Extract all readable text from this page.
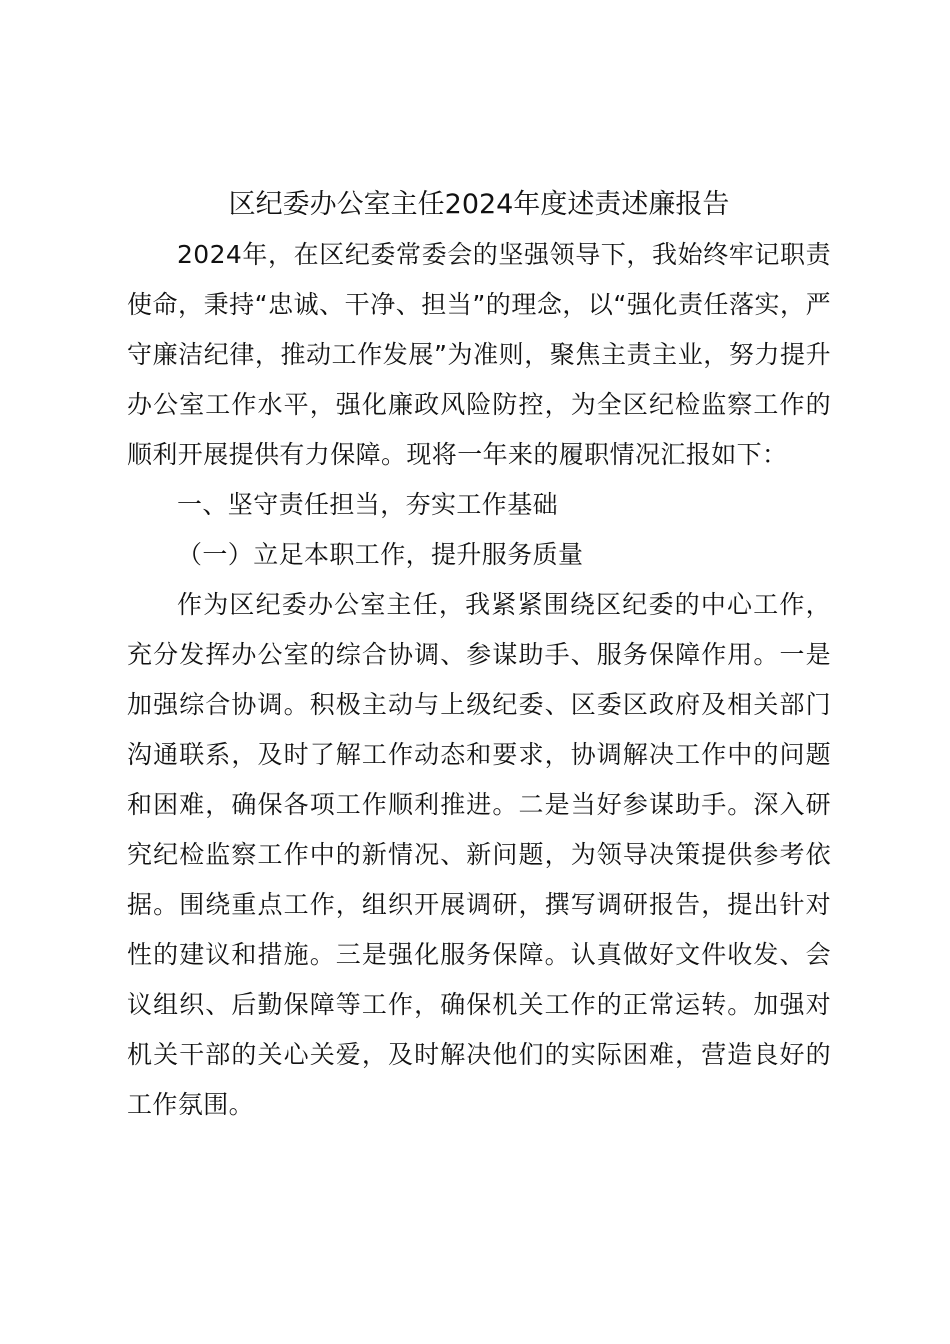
区纪委办公室主任2024年度述责述廉报告

2024年，在区纪委常委会的坚强领导下，我始终牢记职责使命，秉持“忠诚、干净、担当”的理念，以“强化责任落实，严守廉洁纪律，推动工作发展”为准则，聚焦主责主业，努力提升办公室工作水平，强化廉政风险防控，为全区纪检监察工作的顺利开展提供有力保障。现将一年来的履职情况汇报如下：

一、坚守责任担当，夯实工作基础

（一）立足本职工作，提升服务质量

作为区纪委办公室主任，我紧紧围绕区纪委的中心工作，充分发挥办公室的综合协调、参谋助手、服务保障作用。一是加强综合协调。积极主动与上级纪委、区委区政府及相关部门沟通联系，及时了解工作动态和要求，协调解决工作中的问题和困难，确保各项工作顺利推进。二是当好参谋助手。深入研究纪检监察工作中的新情况、新问题，为领导决策提供参考依据。围绕重点工作，组织开展调研，撰写调研报告，提出针对性的建议和措施。三是强化服务保障。认真做好文件收发、会议组织、后勤保障等工作，确保机关工作的正常运转。加强对机关干部的关心关爱，及时解决他们的实际困难，营造良好的工作氛围。
